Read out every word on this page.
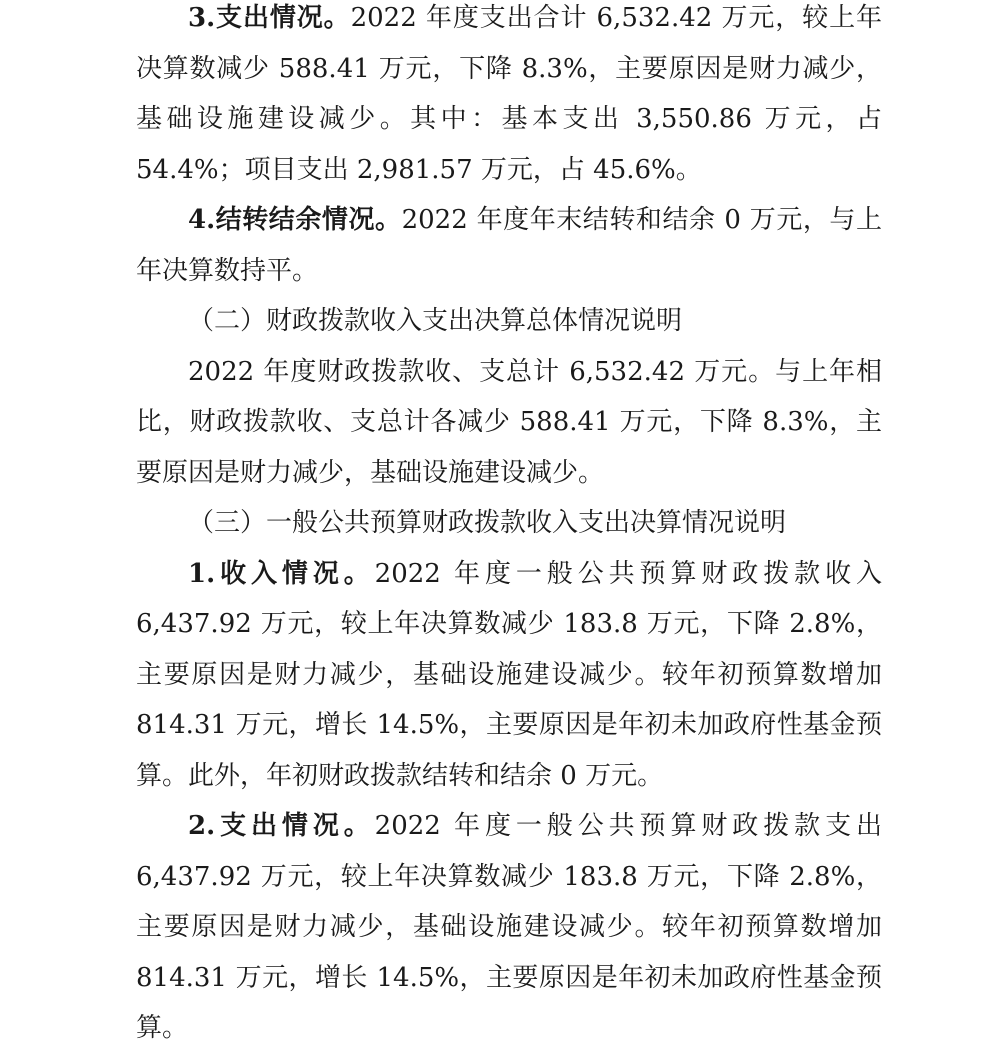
3.支出情况。2022 年度支出合计 6,532.42 万元，较上年决算数减少 588.41 万元，下降 8.3%，主要原因是财力减少，基础设施建设减少。其中：基本支出 3,550.86 万元，占 54.4%；项目支出 2,981.57 万元，占 45.6%。

4.结转结余情况。2022 年度年末结转和结余 0 万元，与上年决算数持平。

（二）财政拨款收入支出决算总体情况说明

2022 年度财政拨款收、支总计 6,532.42 万元。与上年相比，财政拨款收、支总计各减少 588.41 万元，下降 8.3%，主要原因是财力减少，基础设施建设减少。

（三）一般公共预算财政拨款收入支出决算情况说明

1.收入情况。2022 年度一般公共预算财政拨款收入 6,437.92 万元，较上年决算数减少 183.8 万元，下降 2.8%，主要原因是财力减少，基础设施建设减少。较年初预算数增加 814.31 万元，增长 14.5%，主要原因是年初未加政府性基金预算。此外，年初财政拨款结转和结余 0 万元。

2.支出情况。2022 年度一般公共预算财政拨款支出 6,437.92 万元，较上年决算数减少 183.8 万元，下降 2.8%，主要原因是财力减少，基础设施建设减少。较年初预算数增加 814.31 万元，增长 14.5%，主要原因是年初未加政府性基金预算。
